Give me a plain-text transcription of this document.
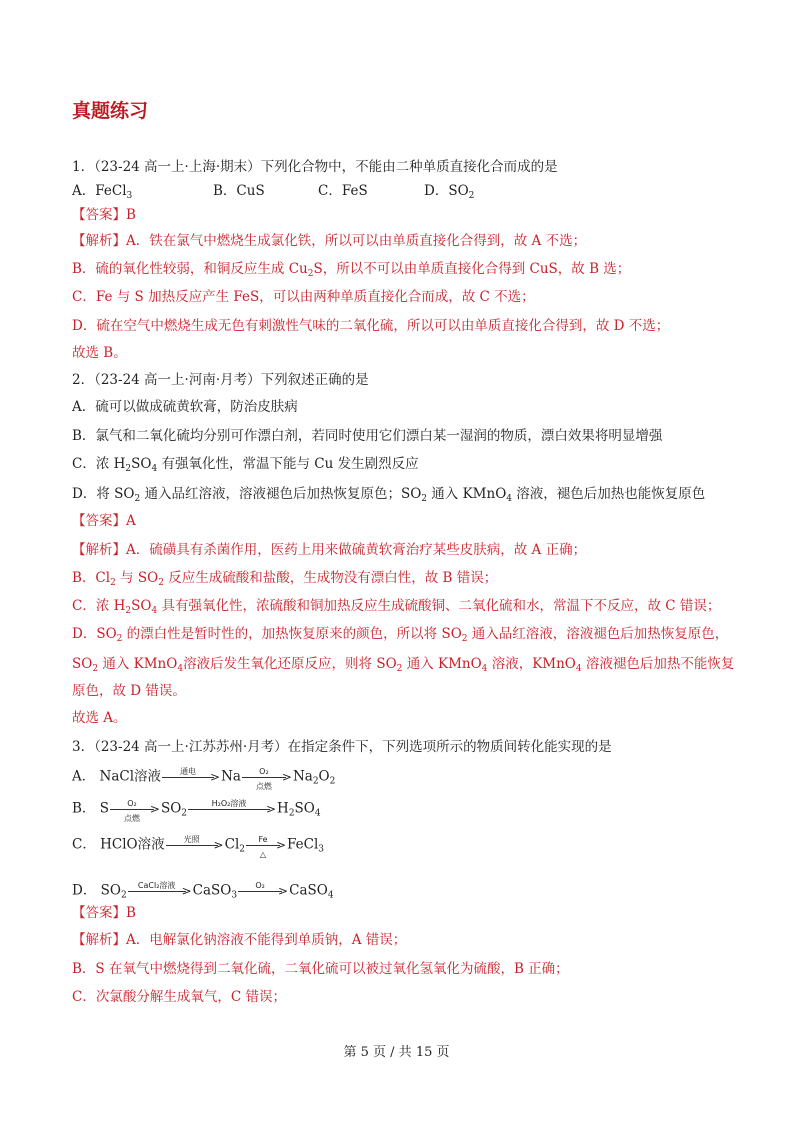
真题练习
1．（23-24 高一上·上海·期末）下列化合物中，不能由二种单质直接化合而成的是
A．FeCl$_3$	B．CuS	C．FeS	D．$SO_2$
【答案】B
【解析】A．铁在氯气中燃烧生成氯化铁，所以可以由单质直接化合得到，故 A 不选；
B．硫的氧化性较弱，和铜反应生成 $Cu_2S$，所以不可以由单质直接化合得到 CuS，故 B 选；
C．Fe 与 S 加热反应产生 FeS，可以由两种单质直接化合而成，故 C 不选；
D．硫在空气中燃烧生成无色有刺激性气味的二氧化硫，所以可以由单质直接化合得到，故 D 不选；
故选 B。
2．（23-24 高一上·河南·月考）下列叙述正确的是
A．硫可以做成硫黄软膏，防治皮肤病
B．氯气和二氧化硫均分别可作漂白剂，若同时使用它们漂白某一湿润的物质，漂白效果将明显增强
C．浓 $H_2SO_4$ 有强氧化性，常温下能与 Cu 发生剧烈反应
D．将 $SO_2$ 通入品红溶液，溶液褪色后加热恢复原色；$SO_2$ 通入 KMnO$_4$ 溶液，褪色后加热也能恢复原色
【答案】A
【解析】A．硫磺具有杀菌作用，医药上用来做硫黄软膏治疗某些皮肤病，故 A 正确；
B．$Cl_2$ 与 $SO_2$ 反应生成硫酸和盐酸，生成物没有漂白性，故 B 错误；
C．浓 $H_2SO_4$ 具有强氧化性，浓硫酸和铜加热反应生成硫酸铜、二氧化硫和水，常温下不反应，故 C 错误；
D．$SO_2$ 的漂白性是暂时性的，加热恢复原来的颜色，所以将 $SO_2$ 通入品红溶液，溶液褪色后加热恢复原色，
$SO_2$ 通入 KMnO$_4$溶液后发生氧化还原反应，则将 $SO_2$ 通入 KMnO$_4$ 溶液，KMnO$_4$ 溶液褪色后加热不能恢复
原色，故 D 错误。
故选 A。
3．（23-24 高一上·江苏苏州·月考）在指定条件下，下列选项所示的物质间转化能实现的是
A． NaCl溶液	>
通电	Na	>
O₂
点燃
$Na_2O_2$
B． S	>
O₂
点燃
$SO_2$	>
H₂O₂溶液	$H_2SO_4$
C． HClO溶液	>
光照	$Cl_2$	>
Fe
△
FeCl$_3$
D． $SO_2$	>
CaCl₂溶液	CaSO$_3$	>
O₂	CaSO$_4$
【答案】B
【解析】A．电解氯化钠溶液不能得到单质钠，A 错误；
B．S 在氧气中燃烧得到二氧化硫，二氧化硫可以被过氧化氢氧化为硫酸，B 正确；
C．次氯酸分解生成氧气，C 错误；
第 5 页 / 共 15 页
